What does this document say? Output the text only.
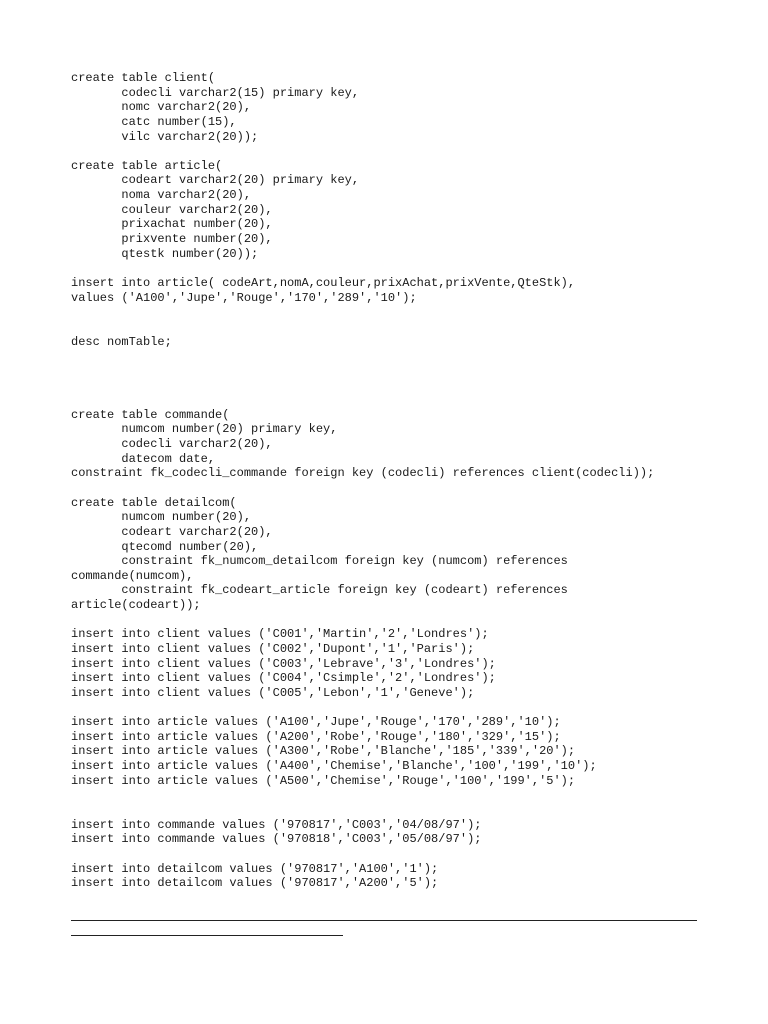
create table client(
codecli varchar2(15) primary key,
nomc varchar2(20),
catc number(15),
vilc varchar2(20));
create table article(
codeart varchar2(20) primary key,
noma varchar2(20),
couleur varchar2(20),
prixachat number(20),
prixvente number(20),
qtestk number(20));
insert into article( codeArt,nomA,couleur,prixAchat,prixVente,QteStk),
values ('A100','Jupe','Rouge','170','289','10');
desc nomTable;
create table commande(
numcom number(20) primary key,
codecli varchar2(20),
datecom date,
constraint fk_codecli_commande foreign key (codecli) references client(codecli));
create table detailcom(
numcom number(20),
codeart varchar2(20),
qtecomd number(20),
constraint fk_numcom_detailcom foreign key (numcom) references
commande(numcom),
constraint fk_codeart_article foreign key (codeart) references
article(codeart));
insert into client values ('C001','Martin','2','Londres');
insert into client values ('C002','Dupont','1','Paris');
insert into client values ('C003','Lebrave','3','Londres');
insert into client values ('C004','Csimple','2','Londres');
insert into client values ('C005','Lebon','1','Geneve');
insert into article values ('A100','Jupe','Rouge','170','289','10');
insert into article values ('A200','Robe','Rouge','180','329','15');
insert into article values ('A300','Robe','Blanche','185','339','20');
insert into article values ('A400','Chemise','Blanche','100','199','10');
insert into article values ('A500','Chemise','Rouge','100','199','5');
insert into commande values ('970817','C003','04/08/97');
insert into commande values ('970818','C003','05/08/97');
insert into detailcom values ('970817','A100','1');
insert into detailcom values ('970817','A200','5');
